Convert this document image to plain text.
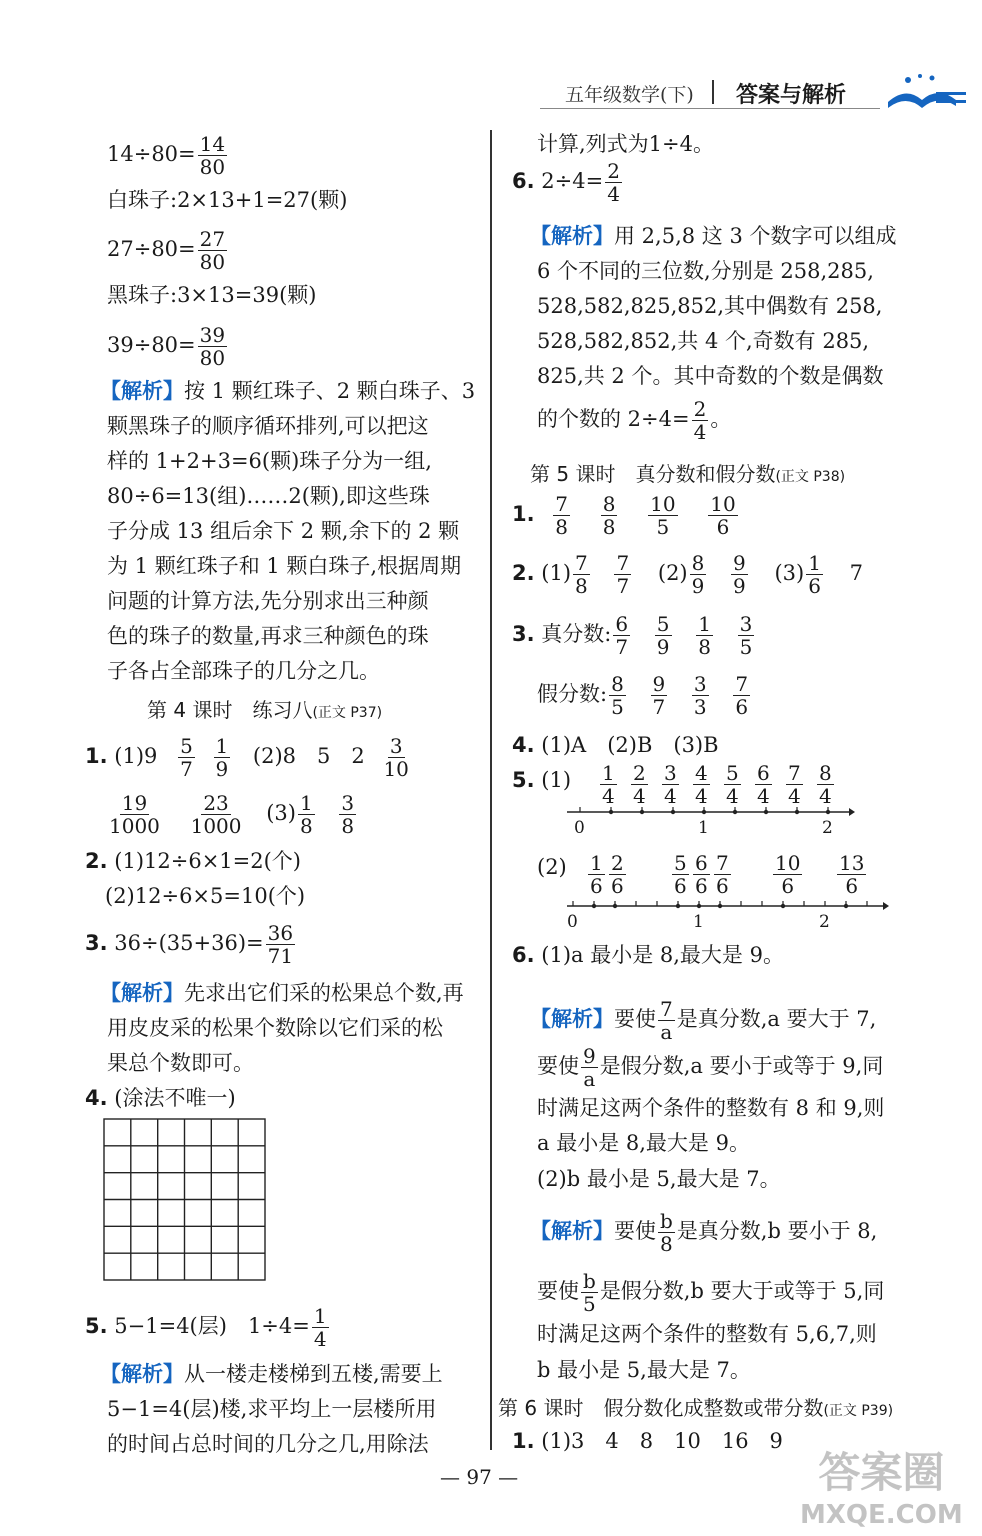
五年级数学(下) 答案与解析
$14\div 80= \frac{14}{80}$
白珠子:2×13+1=27(颗)
$27\div 80= \frac{27}{80}$
黑珠子:3×13=39(颗)
$39\div 80= \frac{39}{80}$
【解析】按 1 颗红珠子、2 颗白珠子、3
颗黑珠子的顺序循环排列,可以把这
样的 1+2+3=6(颗)珠子分为一组,
80÷6=13(组)……2(颗),即这些珠
子分成 13 组后余下 2 颗,余下的 2 颗
为 1 颗红珠子和 1 颗白珠子,根据周期
问题的计算方法,先分别求出三种颜
色的珠子的数量,再求三种颜色的珠
子各占全部珠子的几分之几。
第 4 课时　练习八(正文 P37)
1. $(1)9 \frac{5}{7}$
$\frac{1}{9} (2)8$　5　$2 \frac{3}{10}$
$\frac{19}{1000}$
$\frac{23}{1000} (3) \frac{1}{8}$
$\frac{3}{8}$
2. (1)12÷6×1=2(个)
(2)12÷6×5=10(个)
3. $36\div(35+36)= \frac{36}{71}$
【解析】先求出它们采的松果总个数,再
用皮皮采的松果个数除以它们采的松
果总个数即可。
4. (涂法不唯一)
5. 5−1=4(层)　$1\div 4= \frac{1}{4}$
【解析】从一楼走楼梯到五楼,需要上
5−1=4(层)楼,求平均上一层楼所用
的时间占总时间的几分之几,用除法
计算,列式为1÷4。
6. $2\div 4= \frac{2}{4}$
【解析】用 2,5,8 这 3 个数字可以组成
6 个不同的三位数,分别是 258,285,
528,582,825,852,其中偶数有 258,
528,582,852,共 4 个,奇数有 285,
825,共 2 个。其中奇数的个数是偶数
的个数的 $2\div 4= \frac{2}{4}$ 。
第 5 课时　真分数和假分数(正文 P38)
1. $\frac{7}{8}$
$\frac{8}{8}$
$\frac{10}{5}$
$\frac{10}{6}$
2. $(1) \frac{7}{8}$
$\frac{7}{7} (2) \frac{8}{9}$
$\frac{9}{9} (3) \frac{1}{6} 7$
3. 真分数: $\frac{6}{7}$
$\frac{5}{9}$
$\frac{1}{8}$
$\frac{3}{5}$
假分数: $\frac{8}{5}$
$\frac{9}{7}$
$\frac{3}{3}$
$\frac{7}{6}$
4. (1)A　(2)B　(3)B
5. $(1) \frac{1}{4} \frac{2}{4} \frac{3}{4} \frac{4}{4} \frac{5}{4} \frac{6}{4} \frac{7}{4} \frac{8}{4}$
0	1	2
$(2) \frac{1}{6} \frac{2}{6} \frac{5}{6} \frac{6}{6} \frac{7}{6} \frac{10}{6} \frac{13}{6}$
0	1	2
6. (1)a 最小是 8,最大是 9。
【解析】要使 $\frac{7}{a}$ 是真分数,a 要大于 7,
要使 $\frac{9}{a}$ 是假分数,a 要小于或等于 9,同
时满足这两个条件的整数有 8 和 9,则
a 最小是 8,最大是 9。
(2)b 最小是 5,最大是 7。
【解析】要使 $\frac{b}{8}$ 是真分数,b 要小于 8,
要使 $\frac{b}{5}$ 是假分数,b 要大于或等于 5,同
时满足这两个条件的整数有 5,6,7,则
b 最小是 5,最大是 7。
第 6 课时　假分数化成整数或带分数(正文 P39)
1. (1)3　4　8　10　16　9
— 97 —	答案圈
MXQE.COM
